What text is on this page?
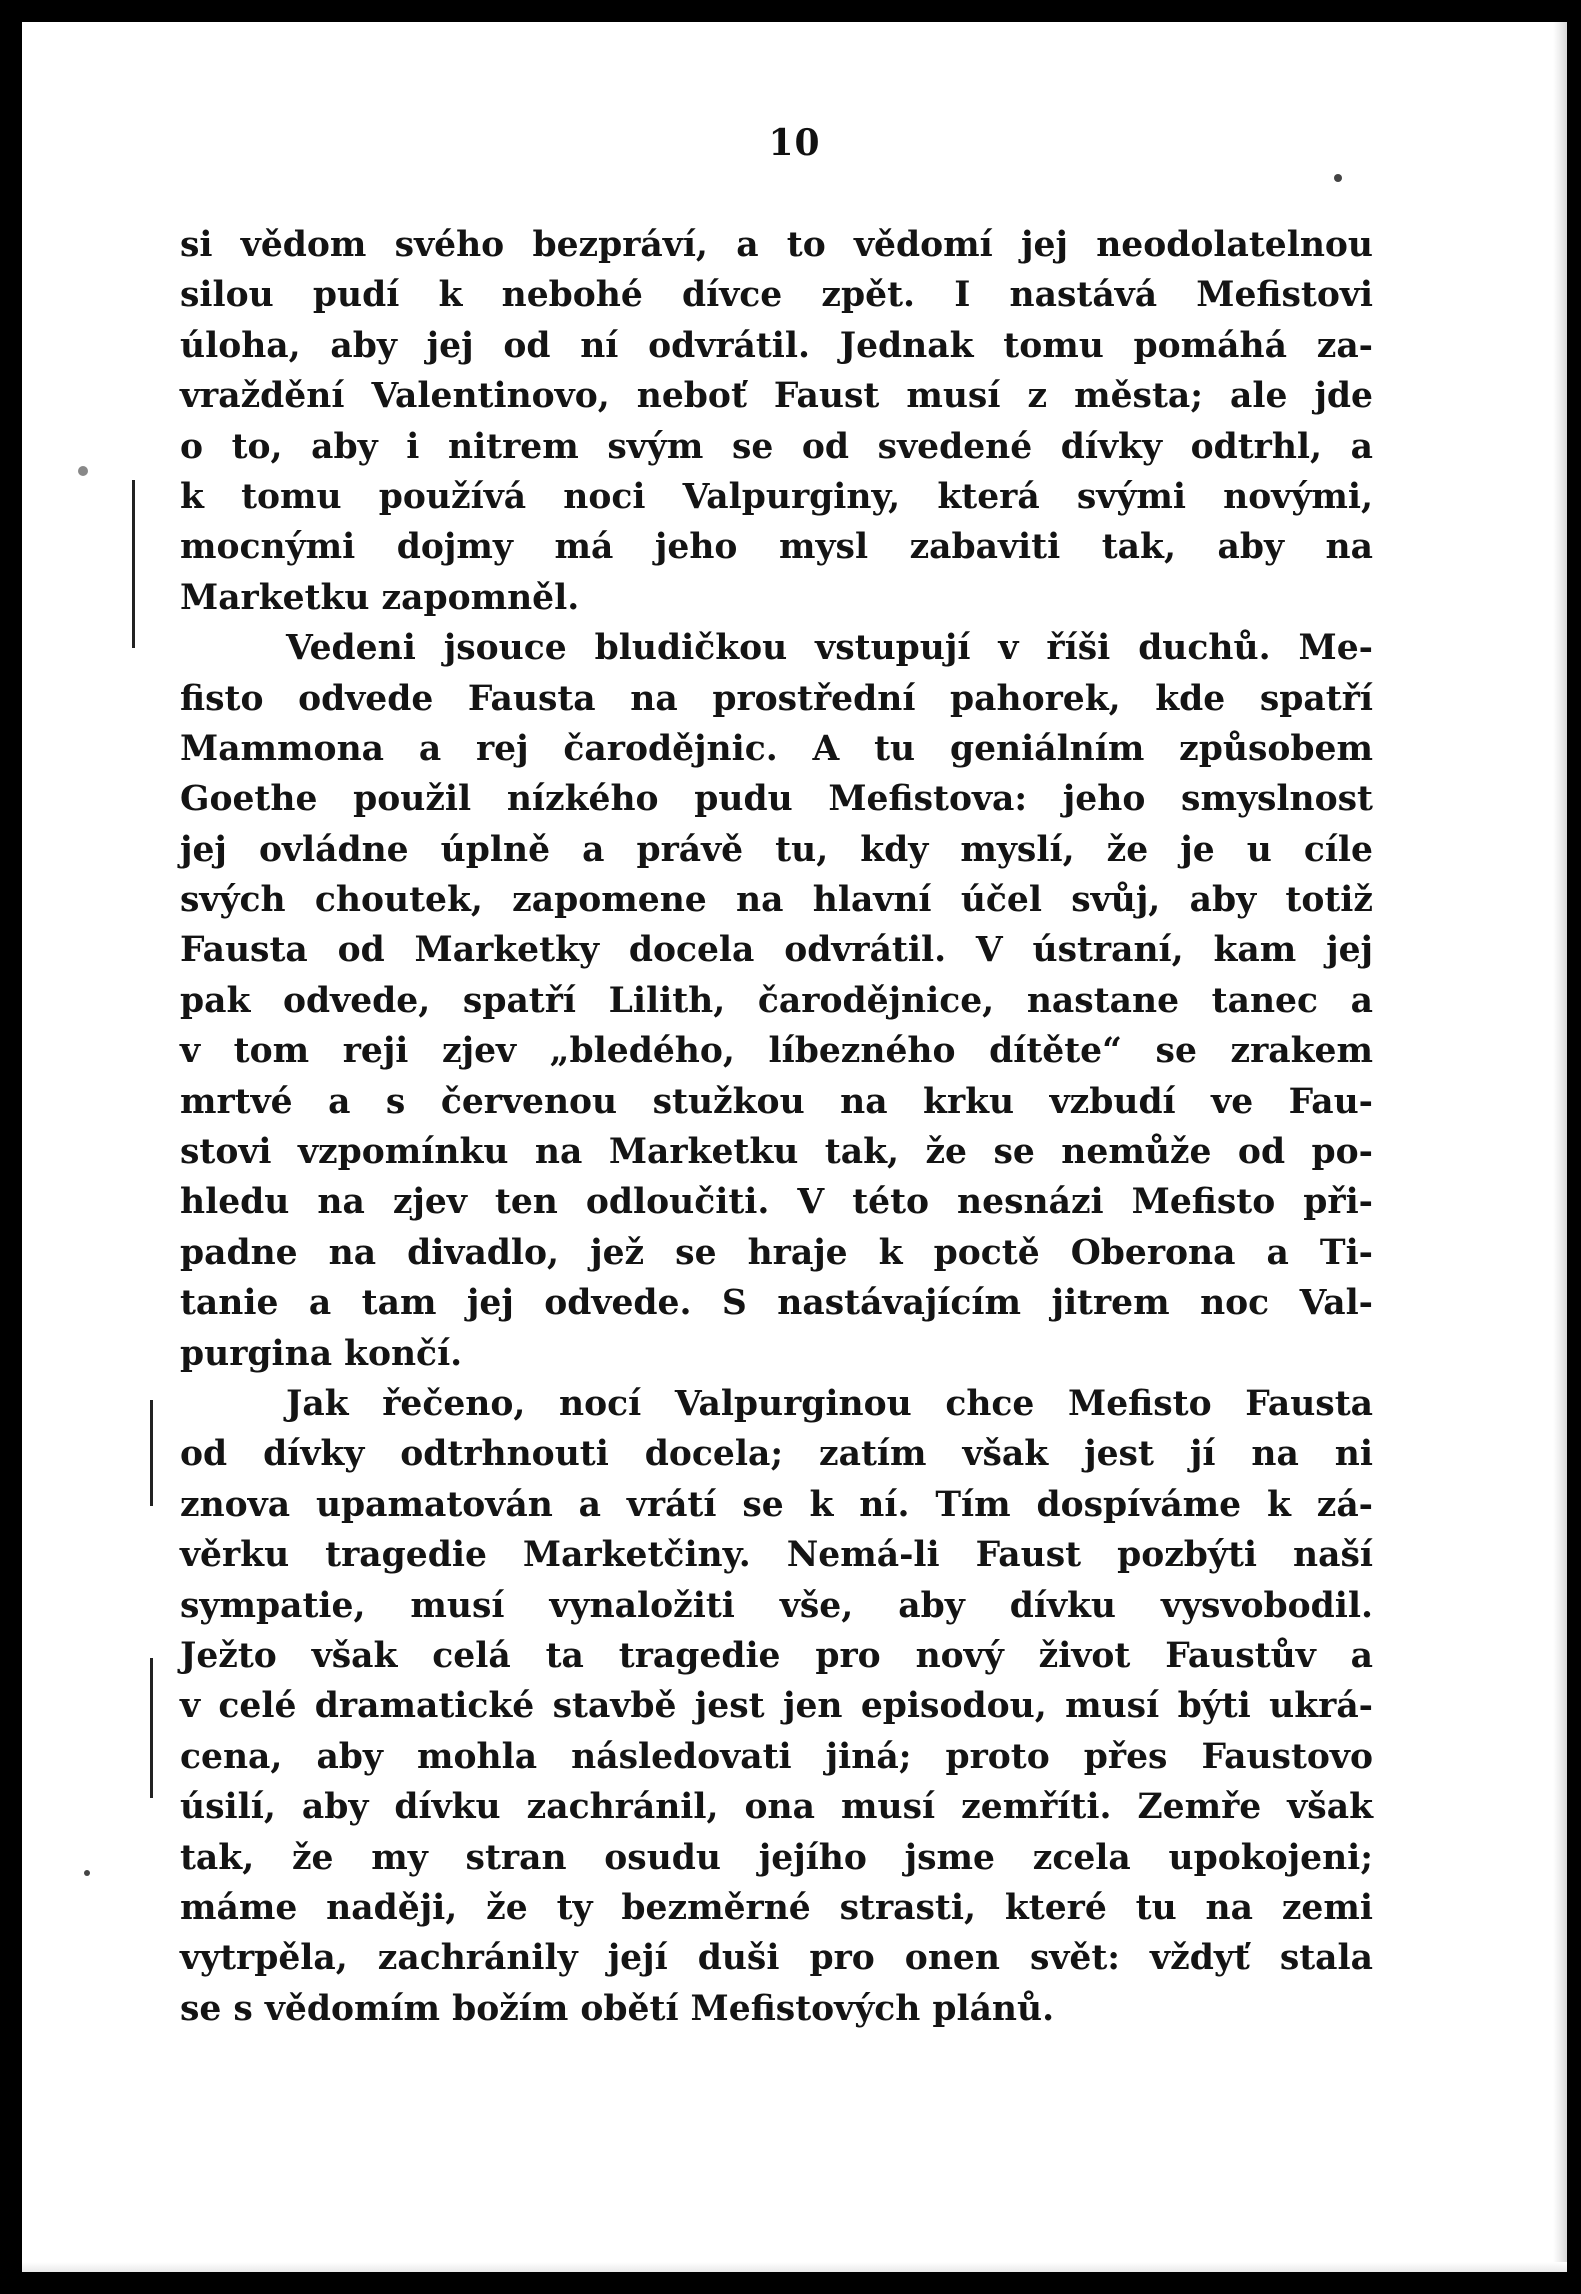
10
si vědom svého bezpráví, a to vědomí jej neodolatelnou
silou pudí k nebohé dívce zpět. I nastává Mefistovi
úloha, aby jej od ní odvrátil. Jednak tomu pomáhá za-
vraždění Valentinovo, neboť Faust musí z města; ale jde
o to, aby i nitrem svým se od svedené dívky odtrhl, a
k tomu používá noci Valpurginy, která svými novými,
mocnými dojmy má jeho mysl zabaviti tak, aby na
Marketku zapomněl.
Vedeni jsouce bludičkou vstupují v říši duchů. Me-
fisto odvede Fausta na prostřední pahorek, kde spatří
Mammona a rej čarodějnic. A tu geniálním způsobem
Goethe použil nízkého pudu Mefistova: jeho smyslnost
jej ovládne úplně a právě tu, kdy myslí, že je u cíle
svých choutek, zapomene na hlavní účel svůj, aby totiž
Fausta od Marketky docela odvrátil. V ústraní, kam jej
pak odvede, spatří Lilith, čarodějnice, nastane tanec a
v tom reji zjev „bledého, líbezného dítěte“ se zrakem
mrtvé a s červenou stužkou na krku vzbudí ve Fau-
stovi vzpomínku na Marketku tak, že se nemůže od po-
hledu na zjev ten odloučiti. V této nesnázi Mefisto při-
padne na divadlo, jež se hraje k poctě Oberona a Ti-
tanie a tam jej odvede. S nastávajícím jitrem noc Val-
purgina končí.
Jak řečeno, nocí Valpurginou chce Mefisto Fausta
od dívky odtrhnouti docela; zatím však jest jí na ni
znova upamatován a vrátí se k ní. Tím dospíváme k zá-
věrku tragedie Marketčiny. Nemá-li Faust pozbýti naší
sympatie, musí vynaložiti vše, aby dívku vysvobodil.
Ježto však celá ta tragedie pro nový život Faustův a
v celé dramatické stavbě jest jen episodou, musí býti ukrá-
cena, aby mohla následovati jiná; proto přes Faustovo
úsilí, aby dívku zachránil, ona musí zemříti. Zemře však
tak, že my stran osudu jejího jsme zcela upokojeni;
máme naději, že ty bezměrné strasti, které tu na zemi
vytrpěla, zachránily její duši pro onen svět: vždyť stala
se s vědomím božím obětí Mefistových plánů.
